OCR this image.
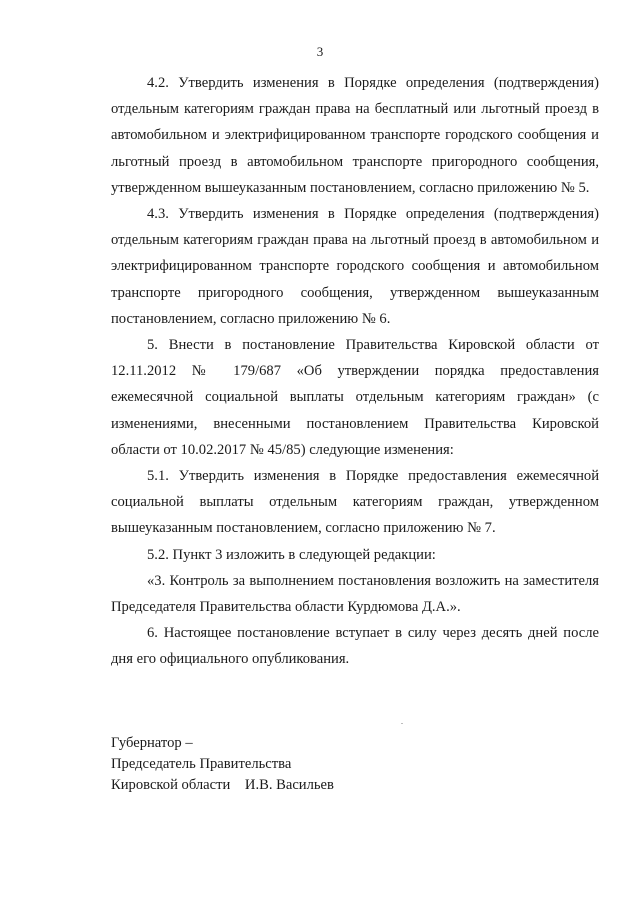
3

4.2. Утвердить изменения в Порядке определения (подтверждения) отдельным категориям граждан права на бесплатный или льготный проезд в автомобильном и электрифицированном транспорте городского сообщения и льготный проезд в автомобильном транспорте пригородного сообщения, утвержденном вышеуказанным постановлением, согласно приложению № 5.

4.3. Утвердить изменения в Порядке определения (подтверждения) отдельным категориям граждан права на льготный проезд в автомобильном и электрифицированном транспорте городского сообщения и автомобильном транспорте пригородного сообщения, утвержденном вышеуказанным постановлением, согласно приложению № 6.

5. Внести в постановление Правительства Кировской области от 12.11.2012 № 179/687 «Об утверждении порядка предоставления ежемесячной социальной выплаты отдельным категориям граждан» (с изменениями, внесенными постановлением Правительства Кировской области от 10.02.2017 № 45/85) следующие изменения:

5.1. Утвердить изменения в Порядке предоставления ежемесячной социальной выплаты отдельным категориям граждан, утвержденном вышеуказанным постановлением, согласно приложению № 7.

5.2. Пункт 3 изложить в следующей редакции:

«3. Контроль за выполнением постановления возложить на заместителя Председателя Правительства области Курдюмова Д.А.».

6. Настоящее постановление вступает в силу через десять дней после дня его официального опубликования.

Губернатор –
Председатель Правительства
Кировской области    И.В. Васильев
